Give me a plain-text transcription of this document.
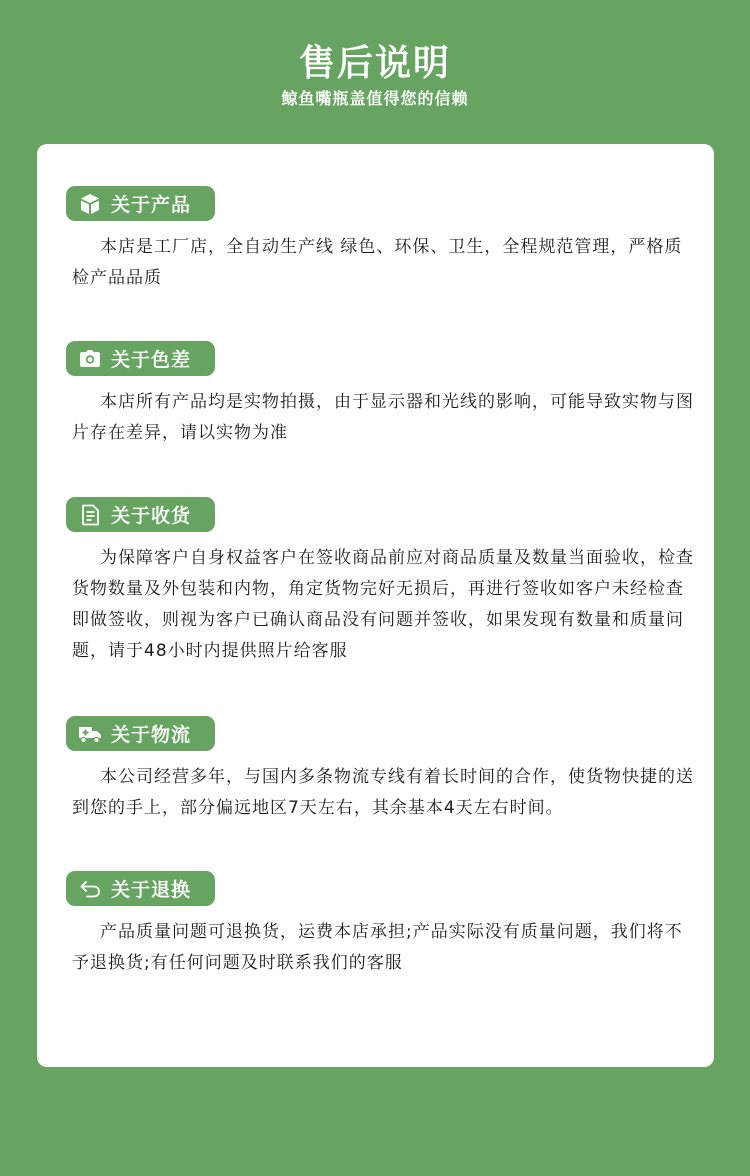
售后说明
鲸鱼嘴瓶盖值得您的信赖
关于产品

本店是工厂店，全自动生产线 绿色、环保、卫生，全程规范管理，严格质检产品品质

关于色差

本店所有产品均是实物拍摄，由于显示器和光线的影响，可能导致实物与图片存在差异，请以实物为准

关于收货

为保障客户自身权益客户在签收商品前应对商品质量及数量当面验收，检查货物数量及外包装和内物，角定货物完好无损后，再进行签收如客户未经检查即做签收，则视为客户已确认商品没有问题并签收，如果发现有数量和质量问题，请于48小时内提供照片给客服

关于物流

本公司经营多年，与国内多条物流专线有着长时间的合作，使货物快捷的送到您的手上，部分偏远地区7天左右，其余基本4天左右时间。

关于退换

产品质量问题可退换货，运费本店承担;产品实际没有质量问题，我们将不予退换货;有任何问题及时联系我们的客服
